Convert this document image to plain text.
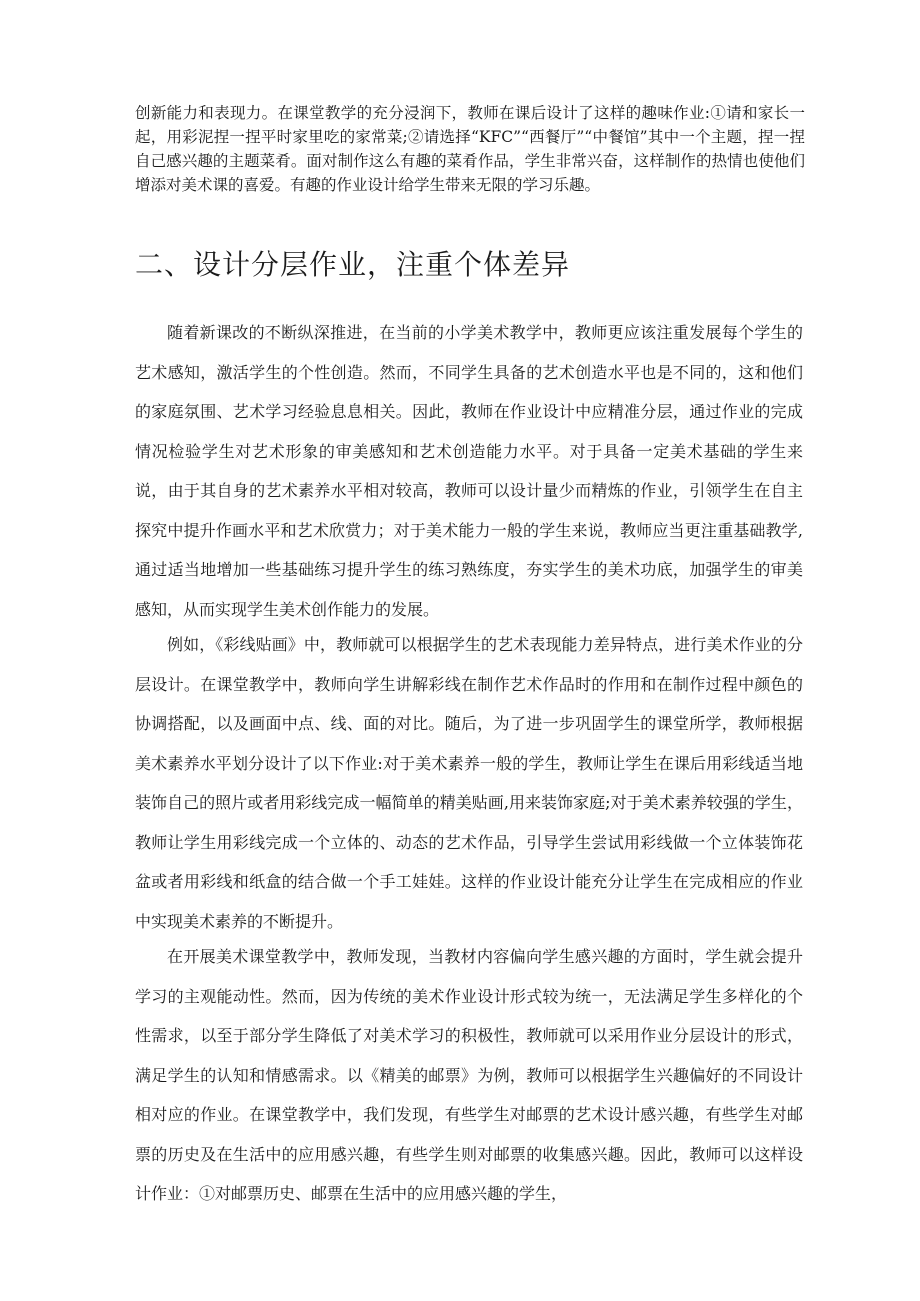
创新能力和表现力。在课堂教学的充分浸润下，教师在课后设计了这样的趣味作业:①请和家长一起，用彩泥捏一捏平时家里吃的家常菜;②请选择“KFC”“西餐厅”“中餐馆”其中一个主题，捏一捏自己感兴趣的主题菜肴。面对制作这么有趣的菜肴作品，学生非常兴奋，这样制作的热情也使他们增添对美术课的喜爱。有趣的作业设计给学生带来无限的学习乐趣。

二、设计分层作业，注重个体差异

随着新课改的不断纵深推进，在当前的小学美术教学中，教师更应该注重发展每个学生的艺术感知，激活学生的个性创造。然而，不同学生具备的艺术创造水平也是不同的，这和他们的家庭氛围、艺术学习经验息息相关。因此，教师在作业设计中应精准分层，通过作业的完成情况检验学生对艺术形象的审美感知和艺术创造能力水平。对于具备一定美术基础的学生来说，由于其自身的艺术素养水平相对较高，教师可以设计量少而精炼的作业，引领学生在自主探究中提升作画水平和艺术欣赏力；对于美术能力一般的学生来说，教师应当更注重基础教学,通过适当地增加一些基础练习提升学生的练习熟练度，夯实学生的美术功底，加强学生的审美感知，从而实现学生美术创作能力的发展。

例如，《彩线贴画》中，教师就可以根据学生的艺术表现能力差异特点，进行美术作业的分层设计。在课堂教学中，教师向学生讲解彩线在制作艺术作品时的作用和在制作过程中颜色的协调搭配，以及画面中点、线、面的对比。随后，为了进一步巩固学生的课堂所学，教师根据美术素养水平划分设计了以下作业:对于美术素养一般的学生，教师让学生在课后用彩线适当地装饰自己的照片或者用彩线完成一幅简单的精美贴画,用来装饰家庭;对于美术素养较强的学生，教师让学生用彩线完成一个立体的、动态的艺术作品，引导学生尝试用彩线做一个立体装饰花盆或者用彩线和纸盒的结合做一个手工娃娃。这样的作业设计能充分让学生在完成相应的作业中实现美术素养的不断提升。

在开展美术课堂教学中，教师发现，当教材内容偏向学生感兴趣的方面时，学生就会提升学习的主观能动性。然而，因为传统的美术作业设计形式较为统一，无法满足学生多样化的个性需求，以至于部分学生降低了对美术学习的积极性，教师就可以采用作业分层设计的形式，满足学生的认知和情感需求。以《精美的邮票》为例，教师可以根据学生兴趣偏好的不同设计相对应的作业。在课堂教学中，我们发现，有些学生对邮票的艺术设计感兴趣，有些学生对邮票的历史及在生活中的应用感兴趣，有些学生则对邮票的收集感兴趣。因此，教师可以这样设计作业：①对邮票历史、邮票在生活中的应用感兴趣的学生，
